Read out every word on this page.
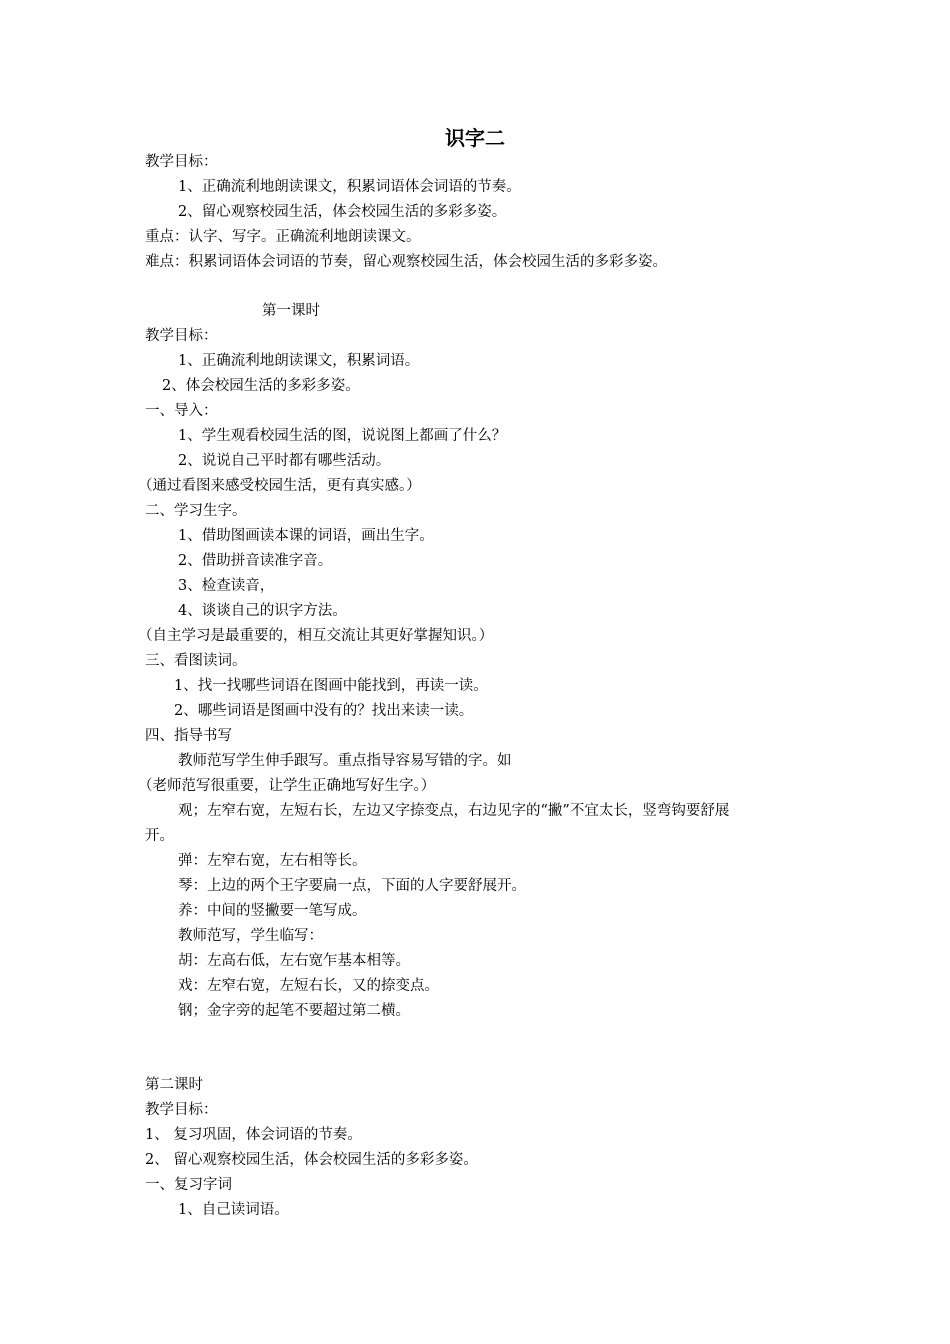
识字二
教学目标：
1、正确流利地朗读课文，积累词语体会词语的节奏。
2、留心观察校园生活，体会校园生活的多彩多姿。
重点：认字、写字。正确流利地朗读课文。
难点：积累词语体会词语的节奏，留心观察校园生活，体会校园生活的多彩多姿。
第一课时
教学目标：
1、正确流利地朗读课文，积累词语。
2、体会校园生活的多彩多姿。
一、导入：
1、学生观看校园生活的图，说说图上都画了什么？
2、说说自己平时都有哪些活动。
（通过看图来感受校园生活，更有真实感。）
二、学习生字。
1、借助图画读本课的词语，画出生字。
2、借助拼音读准字音。
3、检查读音，
4、谈谈自己的识字方法。
（自主学习是最重要的，相互交流让其更好掌握知识。）
三、看图读词。
1、找一找哪些词语在图画中能找到，再读一读。
2、哪些词语是图画中没有的？找出来读一读。
四、指导书写
教师范写学生伸手跟写。重点指导容易写错的字。如
（老师范写很重要，让学生正确地写好生字。）
观；左窄右宽，左短右长，左边又字捺变点，右边见字的“撇”不宜太长，竖弯钩要舒展
开。
弹：左窄右宽，左右相等长。
琴：上边的两个王字要扁一点，下面的人字要舒展开。
养：中间的竖撇要一笔写成。
教师范写，学生临写：
胡：左高右低，左右宽乍基本相等。
戏：左窄右宽，左短右长，又的捺变点。
钢；金字旁的起笔不要超过第二横。
第二课时
教学目标：
1、 复习巩固，体会词语的节奏。
2、 留心观察校园生活，体会校园生活的多彩多姿。
一、复习字词
1、自己读词语。
